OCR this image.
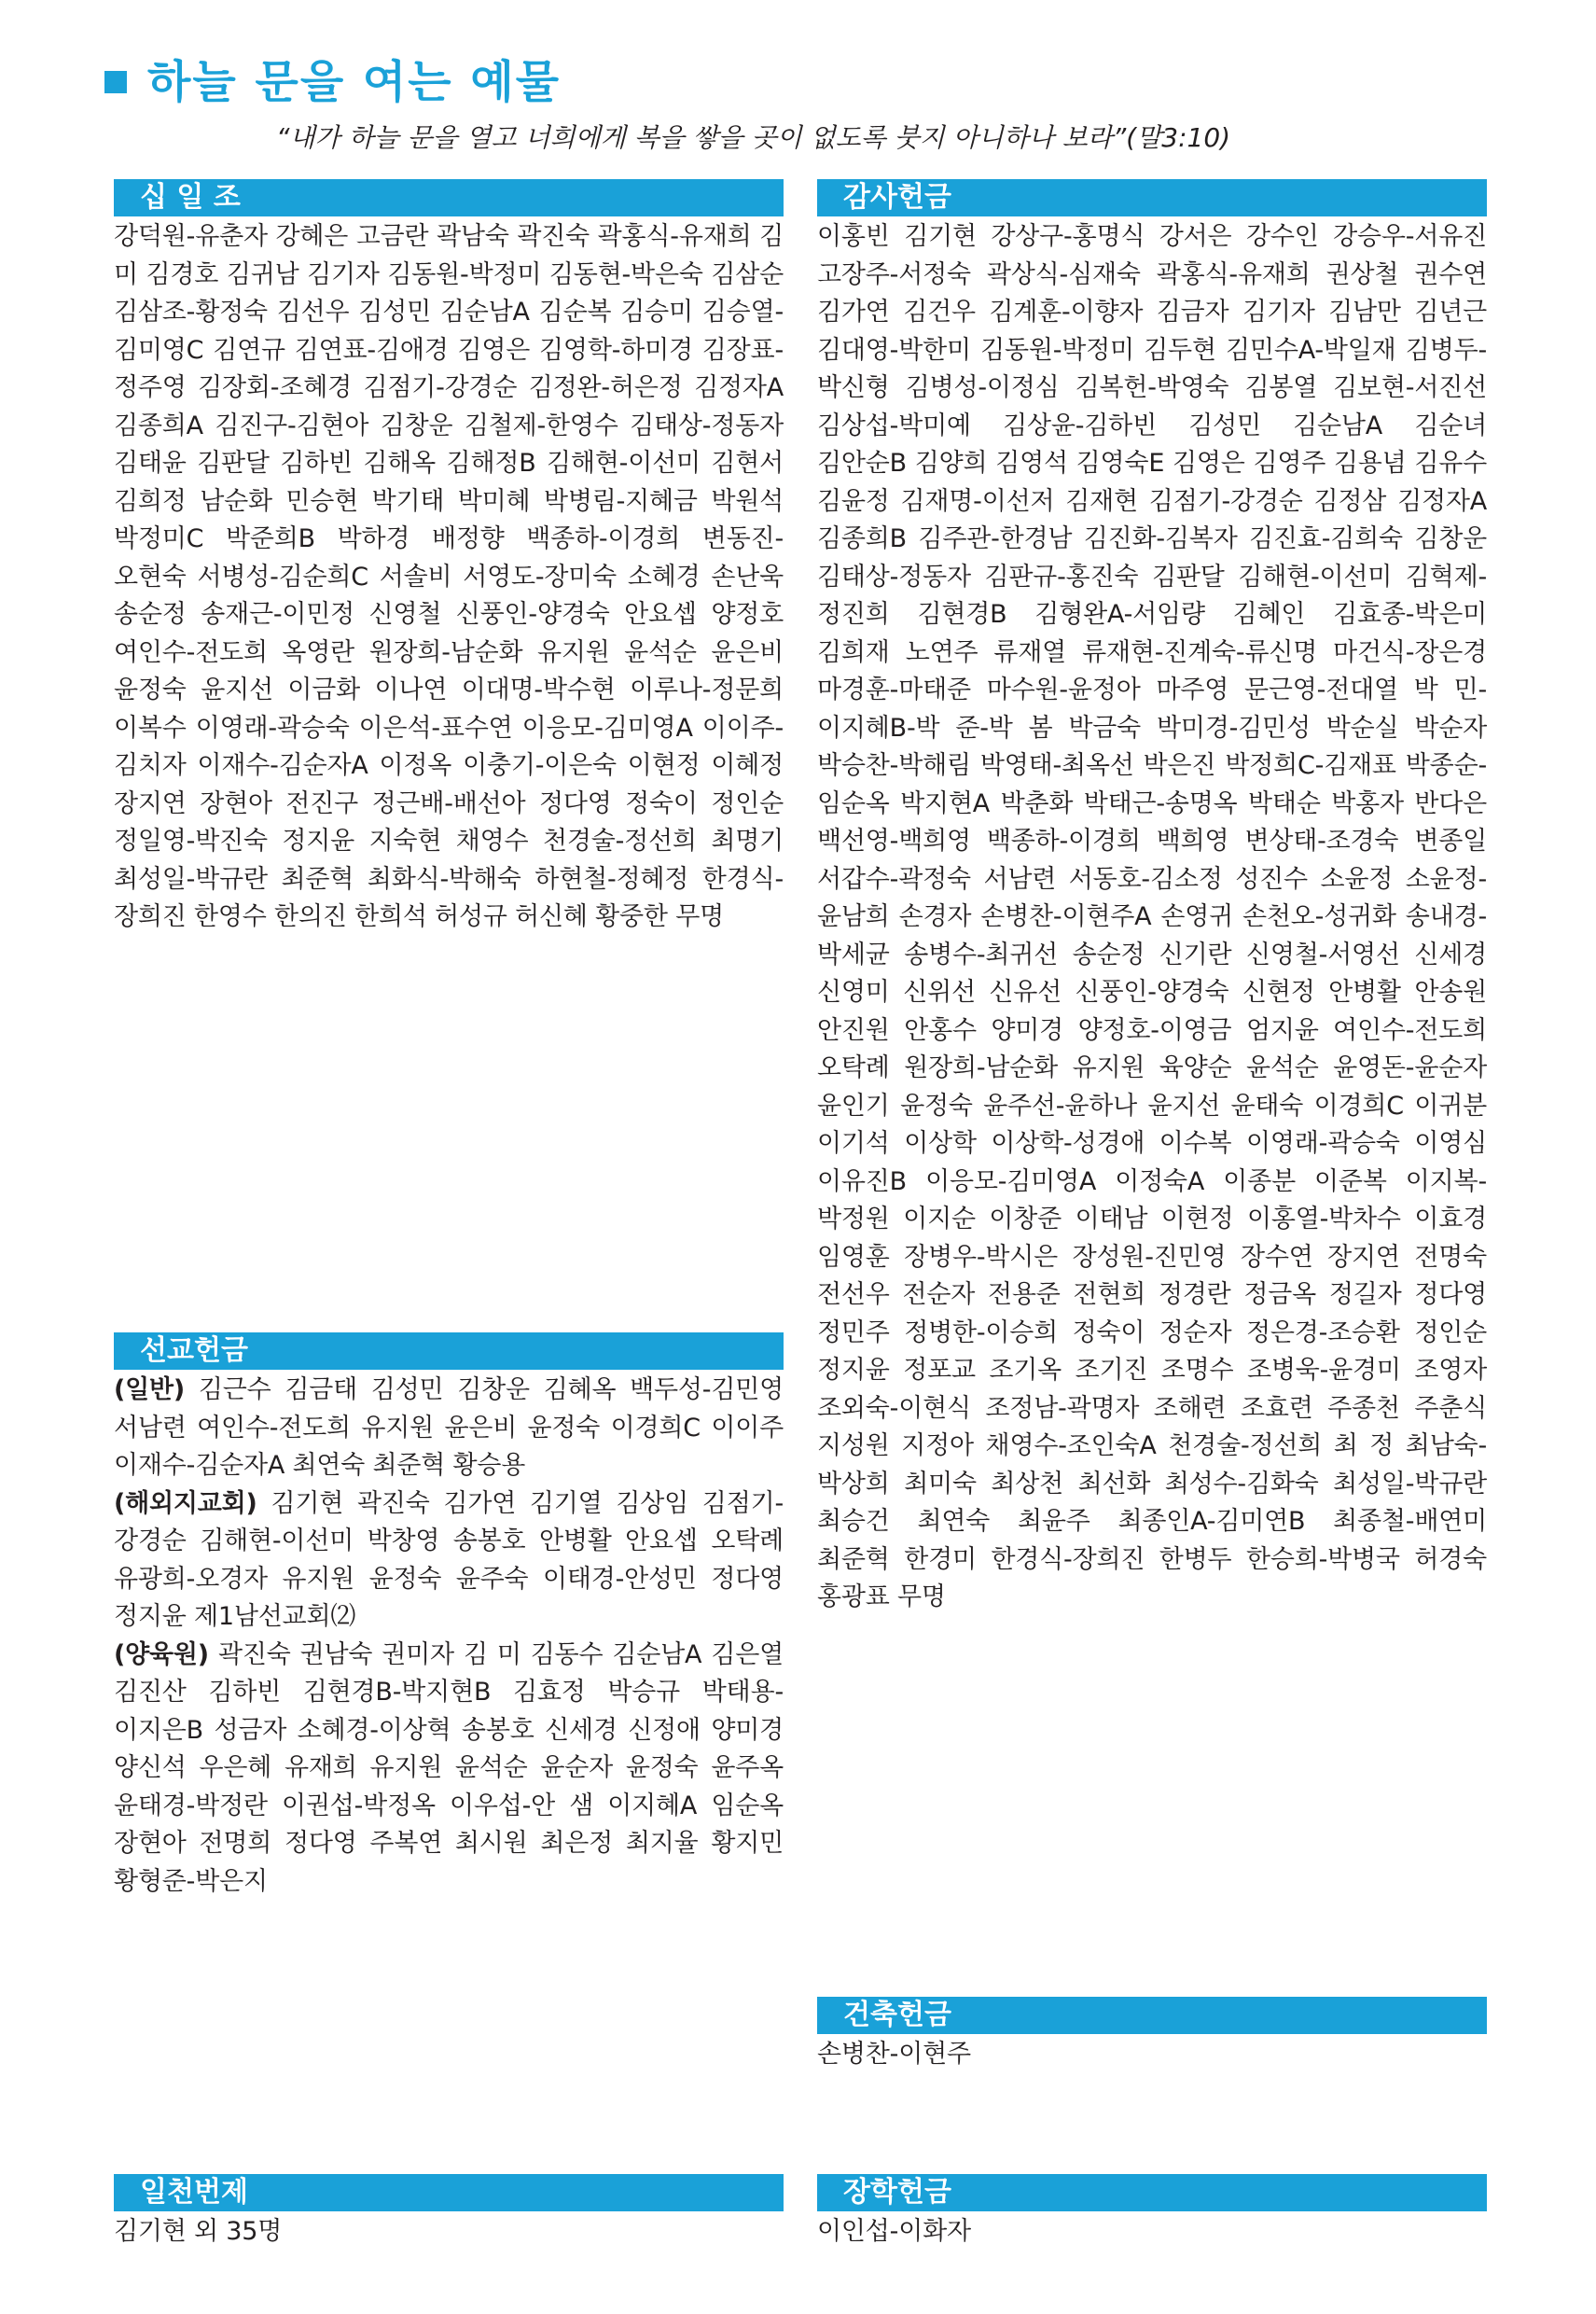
하늘 문을 여는 예물
“내가 하늘 문을 열고 너희에게 복을 쌓을 곳이 없도록 붓지 아니하나 보라”(말3:10)
십 일 조
강덕원-유춘자 강혜은 고금란 곽남숙 곽진숙 곽홍식-유재희 김 미 김경호 김귀남 김기자 김동원-박정미 김동현-박은숙 김삼순 김삼조-황정숙 김선우 김성민 김순남A 김순복 김승미 김승열-김미영C 김연규 김연표-김애경 김영은 김영학-하미경 김장표-정주영 김장회-조혜경 김점기-강경순 김정완-허은정 김정자A 김종희A 김진구-김현아 김창운 김철제-한영수 김태상-정동자 김태윤 김판달 김하빈 김해옥 김해정B 김해현-이선미 김현서 김희정 남순화 민승현 박기태 박미혜 박병림-지혜금 박원석 박정미C 박준희B 박하경 배정향 백종하-이경희 변동진-오현숙 서병성-김순희C 서솔비 서영도-장미숙 소혜경 손난욱 송순정 송재근-이민정 신영철 신풍인-양경숙 안요셉 양정호 여인수-전도희 옥영란 원장희-남순화 유지원 윤석순 윤은비 윤정숙 윤지선 이금화 이나연 이대명-박수현 이루나-정문희 이복수 이영래-곽승숙 이은석-표수연 이응모-김미영A 이이주-김치자 이재수-김순자A 이정옥 이충기-이은숙 이현정 이혜정 장지연 장현아 전진구 정근배-배선아 정다영 정숙이 정인순 정일영-박진숙 정지윤 지숙현 채영수 천경술-정선희 최명기 최성일-박규란 최준혁 최화식-박해숙 하현철-정혜정 한경식-장희진 한영수 한의진 한희석 허성규 허신혜 황중한 무명
선교헌금

(일반) 김근수 김금태 김성민 김창운 김혜옥 백두성-김민영 서남련 여인수-전도희 유지원 윤은비 윤정숙 이경희C 이이주 이재수-김순자A 최연숙 최준혁 황승용

(해외지교회) 김기현 곽진숙 김가연 김기열 김상임 김점기-강경순 김해현-이선미 박창영 송봉호 안병활 안요셉 오탁례 유광희-오경자 유지원 윤정숙 윤주숙 이태경-안성민 정다영 정지윤 제1남선교회⑵

(양육원) 곽진숙 권남숙 권미자 김 미 김동수 김순남A 김은열 김진산 김하빈 김현경B-박지현B 김효정 박승규 박태용-이지은B 성금자 소혜경-이상혁 송봉호 신세경 신정애 양미경 양신석 우은혜 유재희 유지원 윤석순 윤순자 윤정숙 윤주옥 윤태경-박정란 이권섭-박정옥 이우섭-안 샘 이지혜A 임순옥 장현아 전명희 정다영 주복연 최시원 최은정 최지율 황지민 황형준-박은지

일천번제
김기현 외 35명
감사헌금
이홍빈 김기현 강상구-홍명식 강서은 강수인 강승우-서유진 고장주-서정숙 곽상식-심재숙 곽홍식-유재희 권상철 권수연 김가연 김건우 김계훈-이향자 김금자 김기자 김남만 김년근 김대영-박한미 김동원-박정미 김두현 김민수A-박일재 김병두-박신형 김병성-이정심 김복헌-박영숙 김봉열 김보현-서진선 김상섭-박미예 김상윤-김하빈 김성민 김순남A 김순녀 김안순B 김양희 김영석 김영숙E 김영은 김영주 김용념 김유수 김윤정 김재명-이선저 김재현 김점기-강경순 김정삼 김정자A 김종희B 김주관-한경남 김진화-김복자 김진효-김희숙 김창운 김태상-정동자 김판규-홍진숙 김판달 김해현-이선미 김혁제-정진희 김현경B 김형완A-서임량 김혜인 김효종-박은미 김희재 노연주 류재열 류재현-진계숙-류신명 마건식-장은경 마경훈-마태준 마수원-윤정아 마주영 문근영-전대열 박 민-이지혜B-박 준-박 봄 박금숙 박미경-김민성 박순실 박순자 박승찬-박해림 박영태-최옥선 박은진 박정희C-김재표 박종순-임순옥 박지현A 박춘화 박태근-송명옥 박태순 박홍자 반다은 백선영-백희영 백종하-이경희 백희영 변상태-조경숙 변종일 서갑수-곽정숙 서남련 서동호-김소정 성진수 소윤정 소윤정-윤남희 손경자 손병찬-이현주A 손영귀 손천오-성귀화 송내경-박세균 송병수-최귀선 송순정 신기란 신영철-서영선 신세경 신영미 신위선 신유선 신풍인-양경숙 신현정 안병활 안송원 안진원 안홍수 양미경 양정호-이영금 엄지윤 여인수-전도희 오탁례 원장희-남순화 유지원 육양순 윤석순 윤영돈-윤순자 윤인기 윤정숙 윤주선-윤하나 윤지선 윤태숙 이경희C 이귀분 이기석 이상학 이상학-성경애 이수복 이영래-곽승숙 이영심 이유진B 이응모-김미영A 이정숙A 이종분 이준복 이지복-박정원 이지순 이창준 이태남 이현정 이홍열-박차수 이효경 임영훈 장병우-박시은 장성원-진민영 장수연 장지연 전명숙 전선우 전순자 전용준 전현희 정경란 정금옥 정길자 정다영 정민주 정병한-이승희 정숙이 정순자 정은경-조승환 정인순 정지윤 정포교 조기옥 조기진 조명수 조병욱-윤경미 조영자 조외숙-이현식 조정남-곽명자 조해련 조효련 주종천 주춘식 지성원 지정아 채영수-조인숙A 천경술-정선희 최 정 최남숙-박상희 최미숙 최상천 최선화 최성수-김화숙 최성일-박규란 최승건 최연숙 최윤주 최종인A-김미연B 최종철-배연미 최준혁 한경미 한경식-장희진 한병두 한승희-박병국 허경숙 홍광표 무명
건축헌금
손병찬-이현주
장학헌금
이인섭-이화자
